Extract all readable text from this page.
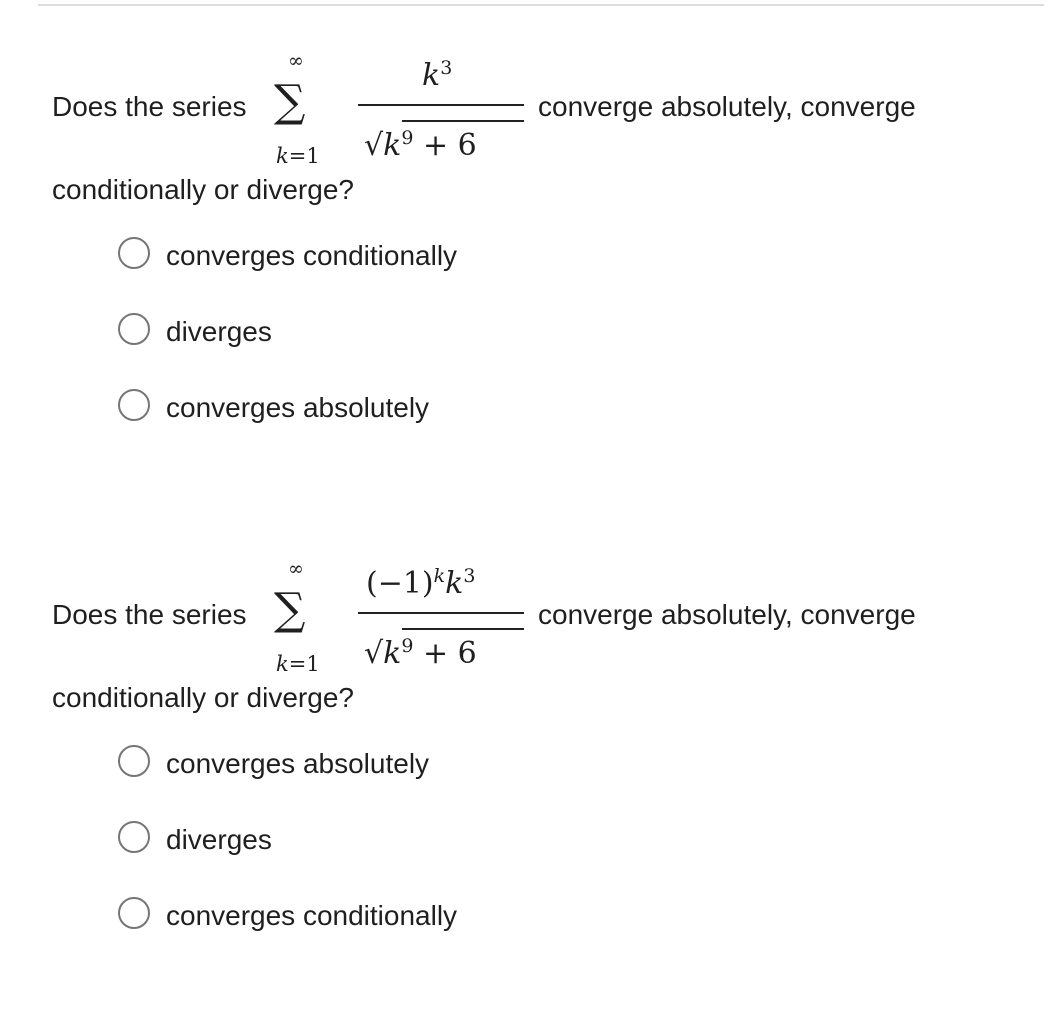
Does the series
∞
∑
k=1
$k^3$
$√k^9 + 6$
converge absolutely, converge
conditionally or diverge?
converges conditionally
diverges
converges absolutely
Does the series
∞
∑
k=1
$(-1)^kk^3$
$√k^9 + 6$
converge absolutely, converge
conditionally or diverge?
converges absolutely
diverges
converges conditionally
